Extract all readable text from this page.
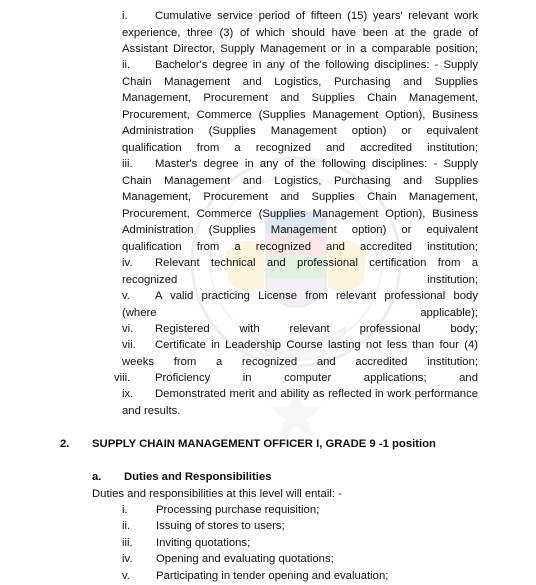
i.	Cumulative service period of fifteen (15) years' relevant work experience, three (3) of which should have been at the grade of Assistant Director, Supply Management or in a comparable position;
ii.	Bachelor's degree in any of the following disciplines: - Supply Chain Management and Logistics, Purchasing and Supplies Management, Procurement and Supplies Chain Management, Procurement, Commerce (Supplies Management Option), Business Administration (Supplies Management option) or equivalent qualification from a recognized and accredited institution;
iii.	Master's degree in any of the following disciplines: - Supply Chain Management and Logistics, Purchasing and Supplies Management, Procurement and Supplies Chain Management, Procurement, Commerce (Supplies Management Option), Business Administration (Supplies Management option) or equivalent qualification from a recognized and accredited institution;
iv.	Relevant technical and professional certification from a recognized institution;
v.	A valid practicing License from relevant professional body (where applicable);
vi.	Registered with relevant professional body;
vii.	Certificate in Leadership Course lasting not less than four (4) weeks from a recognized and accredited institution;
viii.	Proficiency in computer applications; and
ix.	Demonstrated merit and ability as reflected in work performance and results.
2. SUPPLY CHAIN MANAGEMENT OFFICER I, GRADE 9 -1 position
a. Duties and Responsibilities
Duties and responsibilities at this level will entail: -
i.	Processing purchase requisition;
ii. Issuing of stores to users;
iii. Inviting quotations;
iv. Opening and evaluating quotations;
v. Participating in tender opening and evaluation;
